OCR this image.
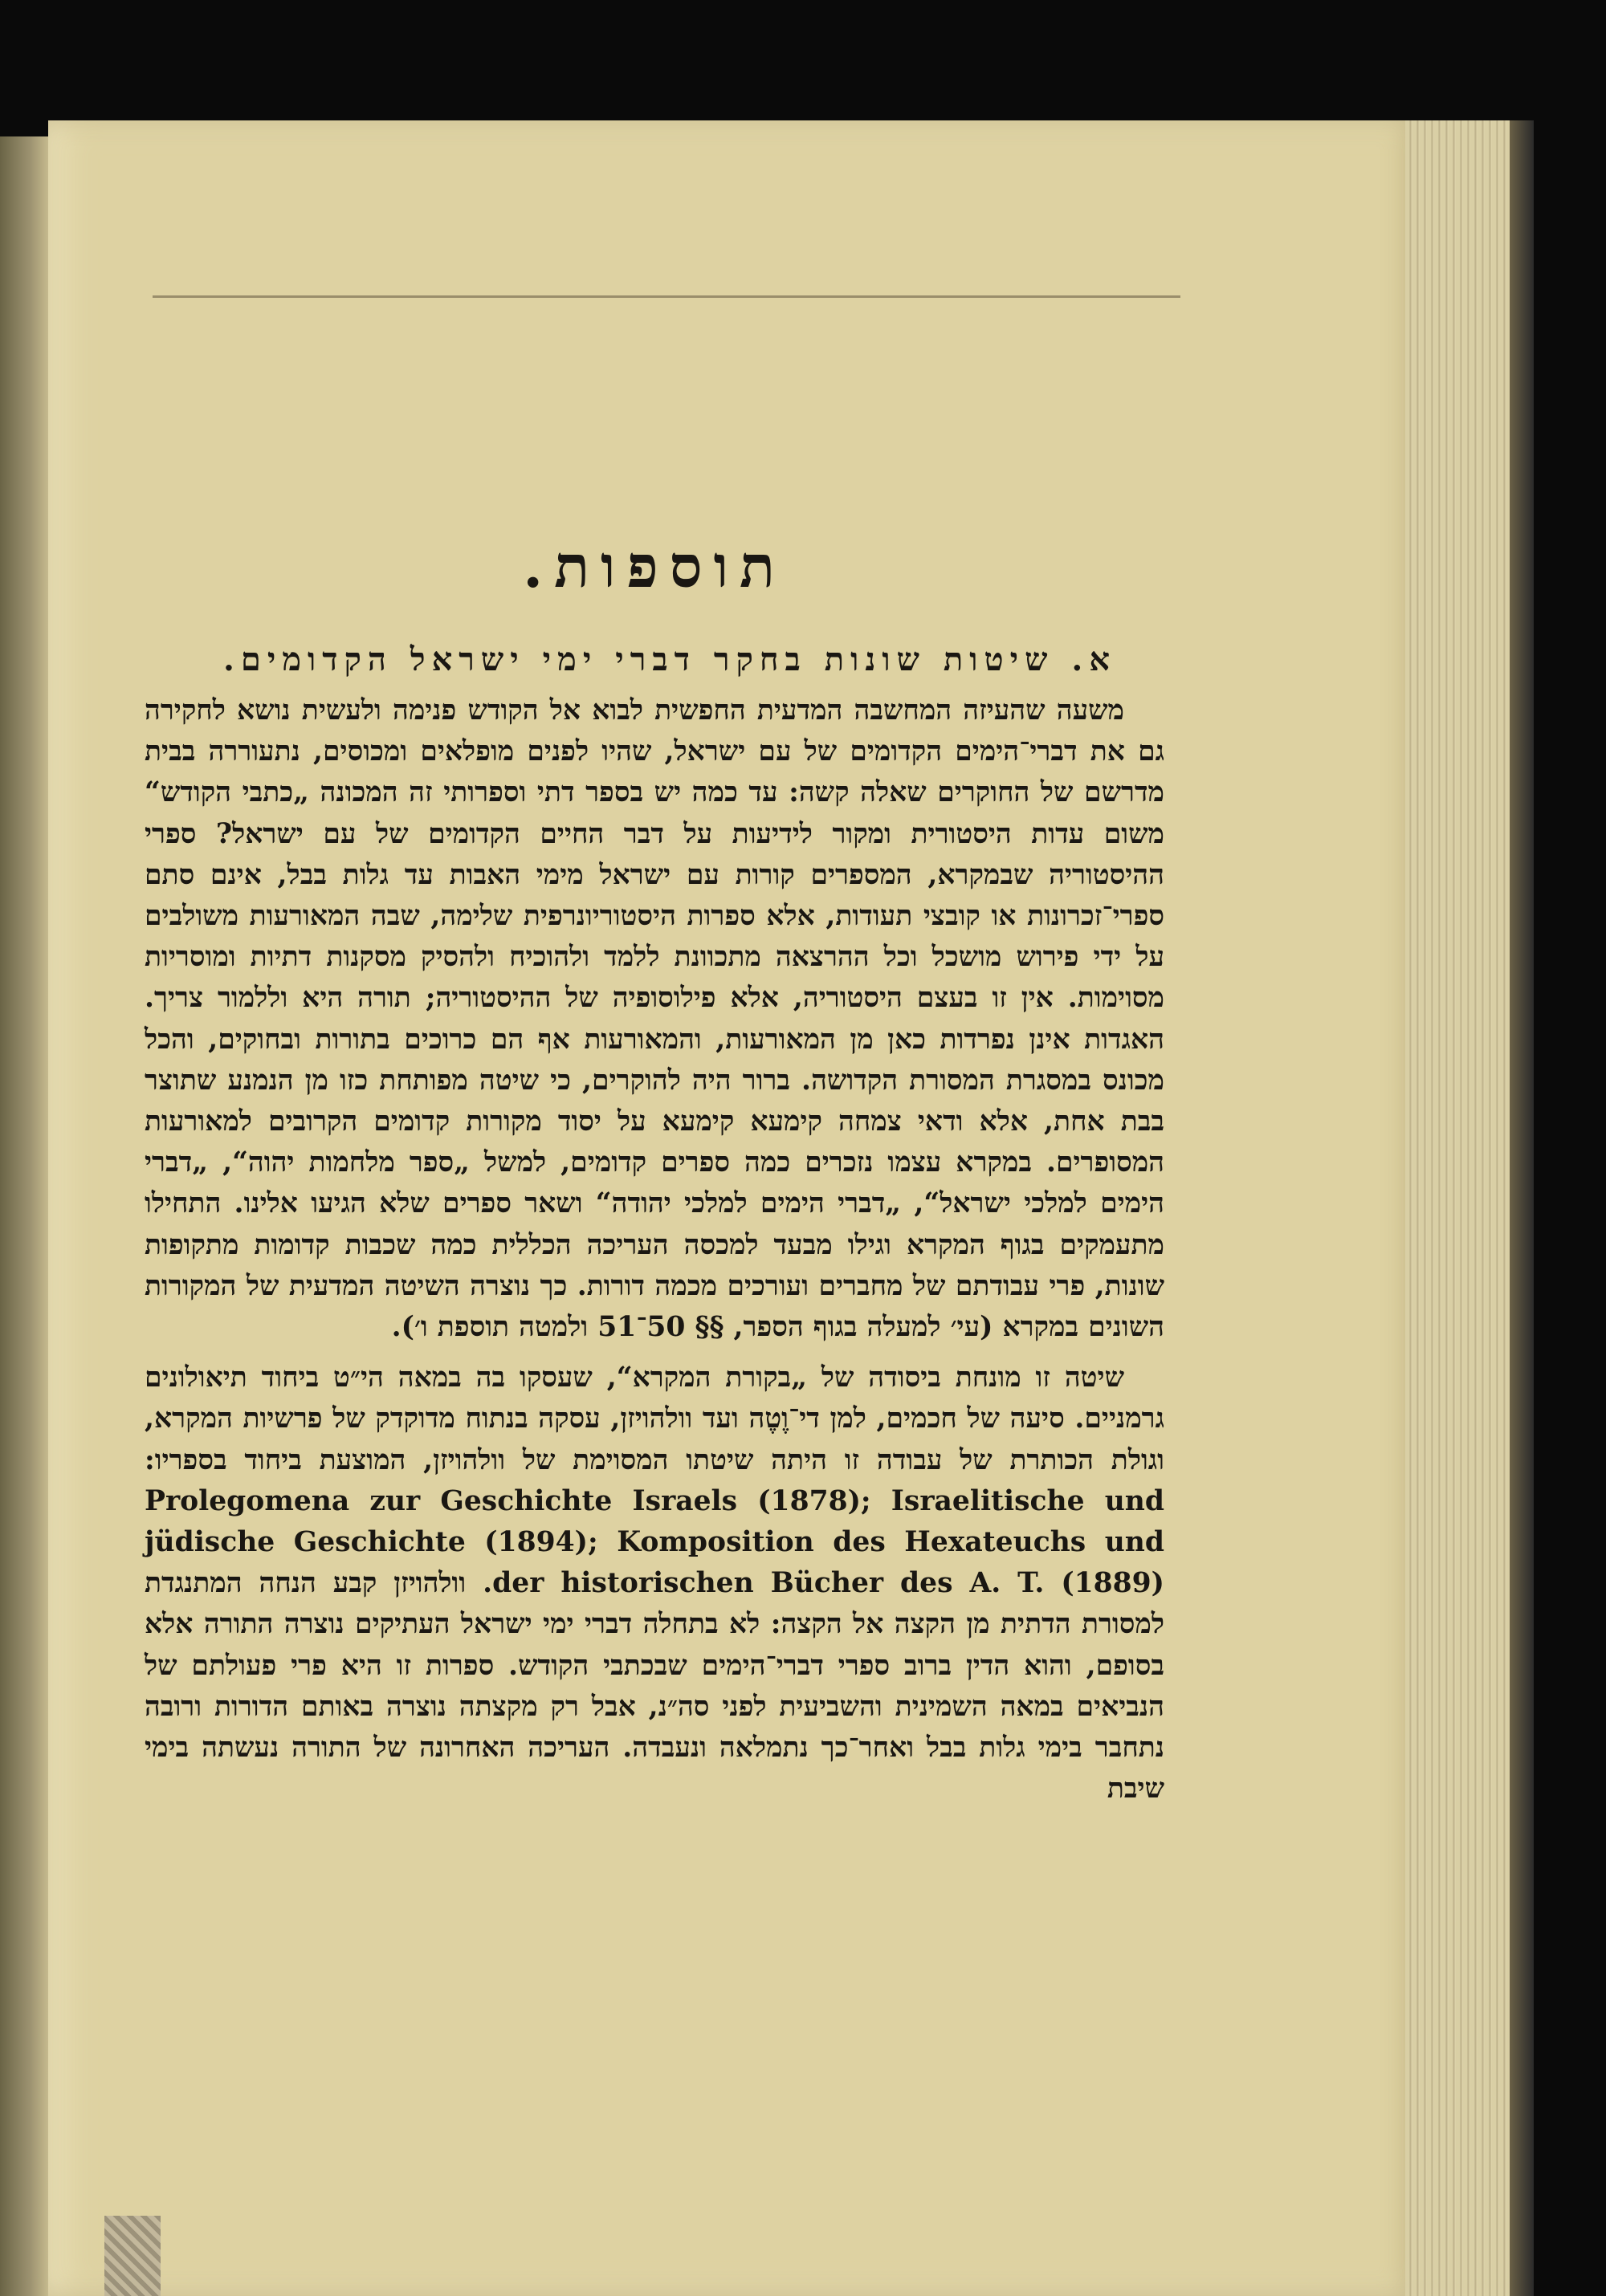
תוספות.
א. שיטות שונות בחקר דברי ימי ישראל הקדומים.

משעה שהעיזה המחשבה המדעית החפשית לבוא אל הקודש פנימה ולעשית נושא לחקירה גם את דברי־הימים הקדומים של עם ישראל, שהיו לפנים מופלאים ומכוסים, נתעוררה בבית מדרשם של החוקרים שאלה קשה: עד כמה יש בספר דתי וספרותי זה המכונה „כתבי הקודש“ משום עדות היסטורית ומקור לידיעות על דבר החיים הקדומים של עם ישראל? ספרי ההיסטוריה שבמקרא, המספרים קורות עם ישראל מימי האבות עד גלות בבל, אינם סתם ספרי־זכרונות או קובצי תעודות, אלא ספרות היסטוריונרפית שלימה, שבה המאורעות משולבים על ידי פירוש מושכל וכל ההרצאה מתכוונת ללמד ולהוכיח ולהסיק מסקנות דתיות ומוסריות מסוימות. אין זו בעצם היסטוריה, אלא פילוסופיה של ההיסטוריה; תורה היא וללמור צריך. האגדות אינן נפרדות כאן מן המאורעות, והמאורעות אף הם כרוכים בתורות ובחוקים, והכל מכונס במסגרת המסורת הקדושה. ברור היה להוקרים, כי שיטה מפותחת כזו מן הנמנע שתוצר בבת אחת, אלא ודאי צמחה קימעא קימעא על יסוד מקורות קדומים הקרובים למאורעות המסופרים. במקרא עצמו נזכרים כמה ספרים קדומים, למשל „ספר מלחמות יהוה“, „דברי הימים למלכי ישראל“, „דברי הימים למלכי יהודה“ ושאר ספרים שלא הגיעו אלינו. התחילו מתעמקים בגוף המקרא וגילו מבעד למכסה העריכה הכללית כמה שכבות קדומות מתקופות שונות, פרי עבודתם של מחברים ועורכים מכמה דורות. כך נוצרה השיטה המדעית של המקורות השונים במקרא (עי׳ למעלה בגוף הספר, §§ 50־51 ולמטה תוספת ו׳).

שיטה זו מונחת ביסודה של „בקורת המקרא“, שעסקו בה במאה הי״ט ביחוד תיאולונים גרמניים. סיעה של חכמים, למן די־וֶטֶה ועד וולהויזן, עסקה בנתוח מדוקדק של פרשיות המקרא, וגולת הכותרת של עבודה זו היתה שיטתו המסוימת של וולהויזן, המוצעת ביחוד בספריו: Prolegomena zur Geschichte Israels (1878); Israelitische und jüdische Geschichte (1894); Komposition des Hexateuchs und der historischen Bücher des A. T. (1889). וולהויזן קבע הנחה המתנגדת למסורת הדתית מן הקצה אל הקצה: לא בתחלה דברי ימי ישראל העתיקים נוצרה התורה אלא בסופם, והוא הדין ברוב ספרי דברי־הימים שבכתבי הקודש. ספרות זו היא פרי פעולתם של הנביאים במאה השמינית והשביעית לפני סה״נ, אבל רק מקצתה נוצרה באותם הדורות ורובה נתחבר בימי גלות בבל ואחר־כך נתמלאה ונעבדה. העריכה האחרונה של התורה נעשתה בימי שיבת
